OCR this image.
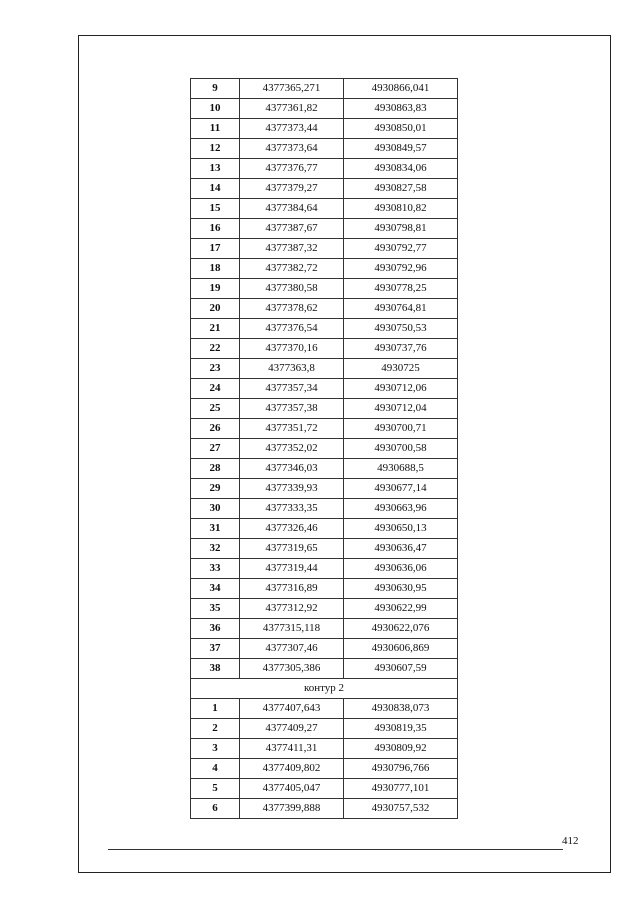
9	4377365,271	4930866,041
10	4377361,82	4930863,83
11	4377373,44	4930850,01
12	4377373,64	4930849,57
13	4377376,77	4930834,06
14	4377379,27	4930827,58
15	4377384,64	4930810,82
16	4377387,67	4930798,81
17	4377387,32	4930792,77
18	4377382,72	4930792,96
19	4377380,58	4930778,25
20	4377378,62	4930764,81
21	4377376,54	4930750,53
22	4377370,16	4930737,76
23	4377363,8	4930725
24	4377357,34	4930712,06
25	4377357,38	4930712,04
26	4377351,72	4930700,71
27	4377352,02	4930700,58
28	4377346,03	4930688,5
29	4377339,93	4930677,14
30	4377333,35	4930663,96
31	4377326,46	4930650,13
32	4377319,65	4930636,47
33	4377319,44	4930636,06
34	4377316,89	4930630,95
35	4377312,92	4930622,99
36	4377315,118	4930622,076
37	4377307,46	4930606,869
38	4377305,386	4930607,59
контур 2		
1	4377407,643	4930838,073
2	4377409,27	4930819,35
3	4377411,31	4930809,92
4	4377409,802	4930796,766
5	4377405,047	4930777,101
6	4377399,888	4930757,532
412
